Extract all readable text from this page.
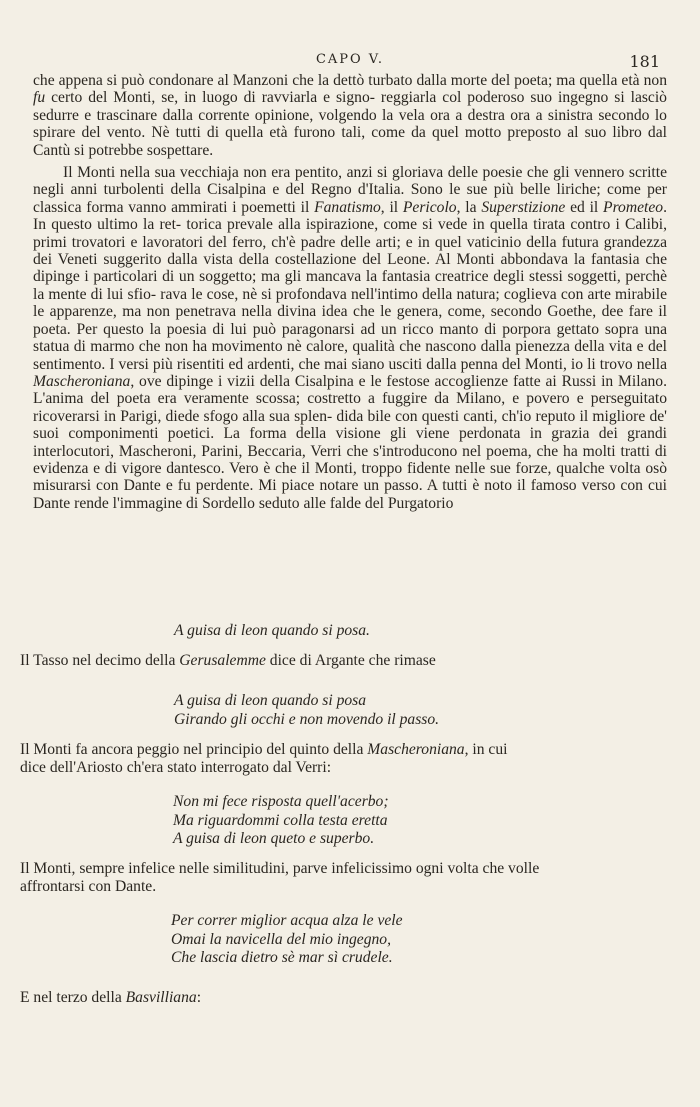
CAPO V.	181

che appena si può condonare al Manzoni che la dettò turbato dalla morte del poeta; ma quella età non fu certo del Monti, se, in luogo di ravviarla e signo- reggiarla col poderoso suo ingegno si lasciò sedurre e trascinare dalla corrente opinione, volgendo la vela ora a destra ora a sinistra secondo lo spirare del vento. Nè tutti di quella età furono tali, come da quel motto preposto al suo libro dal Cantù si potrebbe sospettare.

Il Monti nella sua vecchiaja non era pentito, anzi si gloriava delle poesie che gli vennero scritte negli anni turbolenti della Cisalpina e del Regno d'Italia. Sono le sue più belle liriche; come per classica forma vanno ammirati i poemetti il Fanatismo, il Pericolo, la Superstizione ed il Prometeo. In questo ultimo la ret- torica prevale alla ispirazione, come si vede in quella tirata contro i Calibi, primi trovatori e lavoratori del ferro, ch'è padre delle arti; e in quel vaticinio della futura grandezza dei Veneti suggerito dalla vista della costellazione del Leone. Al Monti abbondava la fantasia che dipinge i particolari di un soggetto; ma gli mancava la fantasia creatrice degli stessi soggetti, perchè la mente di lui sfio- rava le cose, nè si profondava nell'intimo della natura; coglieva con arte mirabile le apparenze, ma non penetrava nella divina idea che le genera, come, secondo Goethe, dee fare il poeta. Per questo la poesia di lui può paragonarsi ad un ricco manto di porpora gettato sopra una statua di marmo che non ha movimento nè calore, qualità che nascono dalla pienezza della vita e del sentimento. I versi più risentiti ed ardenti, che mai siano usciti dalla penna del Monti, io li trovo nella Mascheroniana, ove dipinge i vizii della Cisalpina e le festose accoglienze fatte ai Russi in Milano. L'anima del poeta era veramente scossa; costretto a fuggire da Milano, e povero e perseguitato ricoverarsi in Parigi, diede sfogo alla sua splen- dida bile con questi canti, ch'io reputo il migliore de' suoi componimenti poetici. La forma della visione gli viene perdonata in grazia dei grandi interlocutori, Mascheroni, Parini, Beccaria, Verri che s'introducono nel poema, che ha molti tratti di evidenza e di vigore dantesco. Vero è che il Monti, troppo fidente nelle sue forze, qualche volta osò misurarsi con Dante e fu perdente. Mi piace notare un passo. A tutti è noto il famoso verso con cui Dante rende l'immagine di Sordello seduto alle falde del Purgatorio

A guisa di leon quando si posa.

Il Tasso nel decimo della Gerusalemme dice di Argante che rimase

A guisa di leon quando si posa
Girando gli occhi e non movendo il passo.

Il Monti fa ancora peggio nel principio del quinto della Mascheroniana, in cui

dice dell'Ariosto ch'era stato interrogato dal Verri:

Non mi fece risposta quell'acerbo;
Ma riguardommi colla testa eretta
A guisa di leon queto e superbo.

Il Monti, sempre infelice nelle similitudini, parve infelicissimo ogni volta che volle

affrontarsi con Dante.

Per correr miglior acqua alza le vele
Omai la navicella del mio ingegno,
Che lascia dietro sè mar sì crudele.

E nel terzo della Basvilliana:
